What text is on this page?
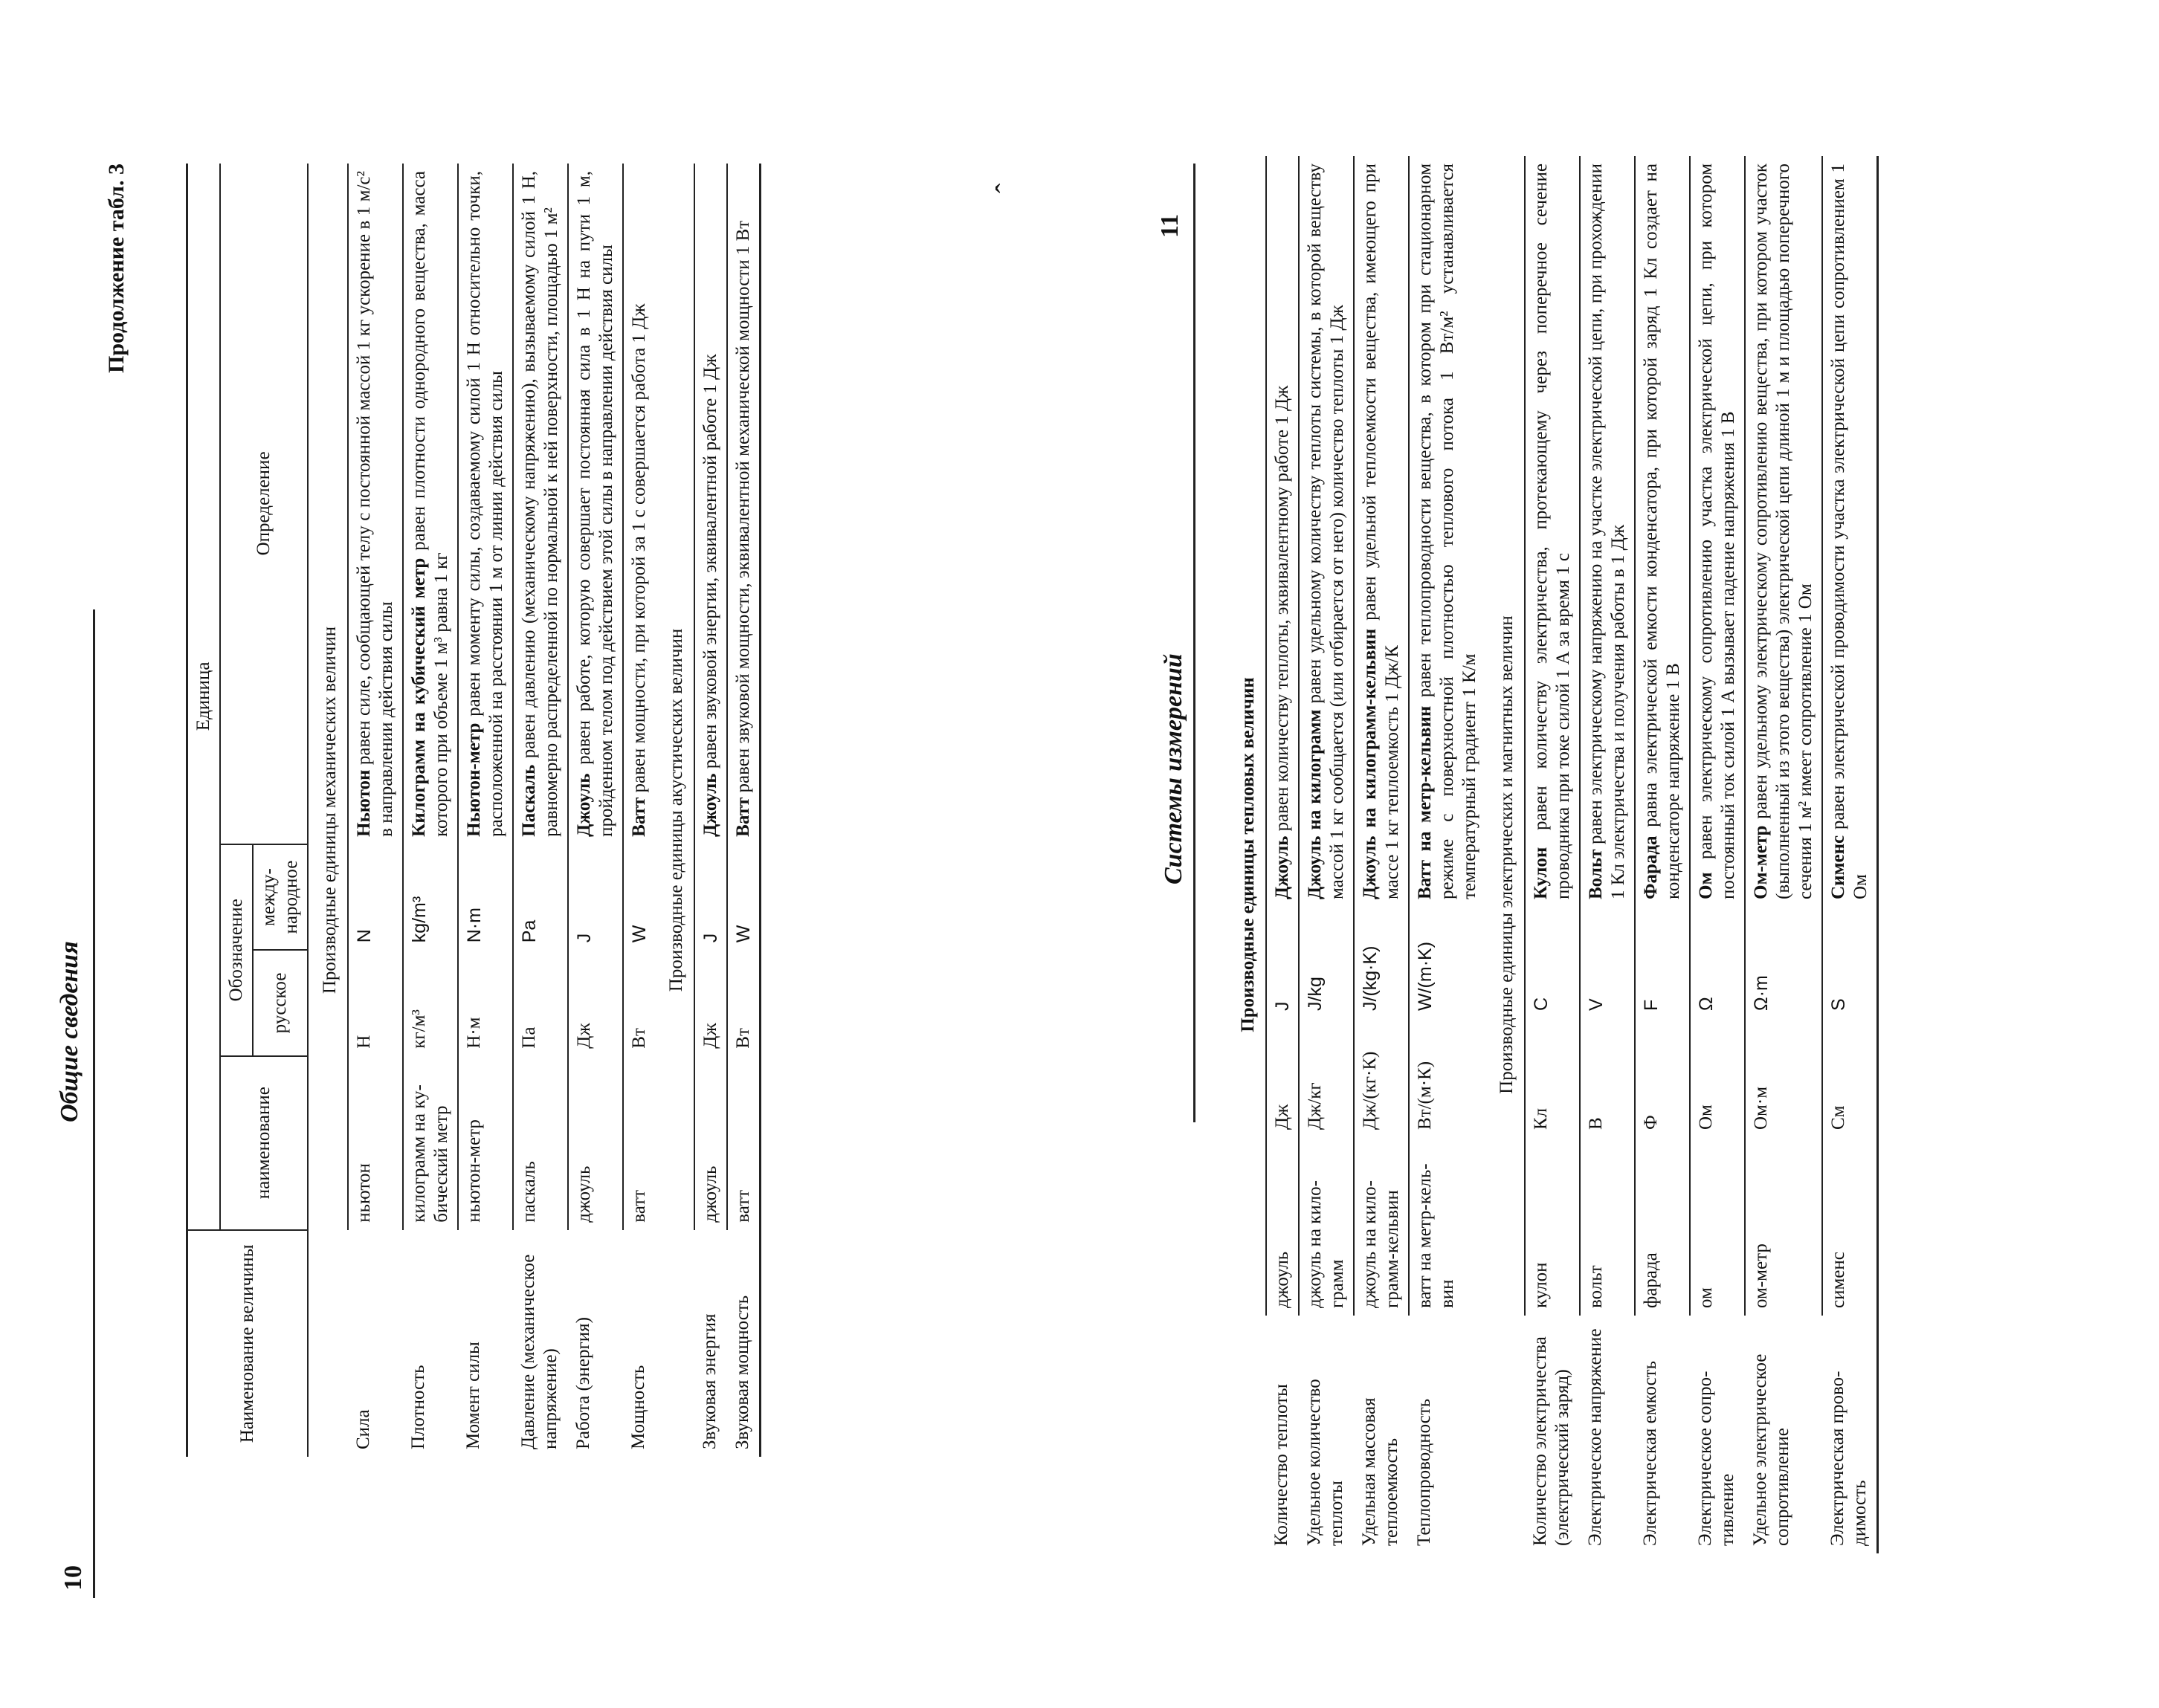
10
Общие сведения
Продолжение табл. 3
Наименование величины	Единица			
	наименование	Обозначение		Определение
		русское	международное	
Производные единицы механических величин				
Сила	ньютон	Н	N	Ньютон равен силе, сообщающей телу с постоянной массой 1 кг ускорение в 1 м/с² в направлении действия силы
Плотность	килограмм на кубический метр	кг/м³	kg/m³	Килограмм на кубический метр равен плотности однородного вещества, масса которого при объеме 1 м³ равна 1 кг
Момент силы	ньютон-метр	Н·м	N·m	Ньютон-метр равен моменту силы, создаваемому силой 1 Н относительно точки, расположенной на расстоянии 1 м от линии действия силы
Давление (механическое напряжение)	паскаль	Па	Pa	Паскаль равен давлению (механическому напряжению), вызываемому силой 1 Н, равномерно распределенной по нормальной к ней поверхности, площадью 1 м²
Работа (энергия)	джоуль	Дж	J	Джоуль равен работе, которую совершает постоянная сила в 1 Н на пути 1 м, пройденном телом под действием этой силы в направлении действия силы
Мощность	ватт	Вт	W	Ватт равен мощности, при которой за 1 с совершается работа 1 Дж
Производные единицы акустических величин				
Звуковая энергия	джоуль	Дж	J	Джоуль равен звуковой энергии, эквивалентной работе 1 Дж
Звуковая мощность	ватт	Вт	W	Ватт равен звуковой мощности, эквивалентной механической мощности 1 Вт

ˆ
Системы измерений
11
Производные единицы тепловых величин				
Количество теплоты	джоуль	Дж	J	Джоуль равен количеству теплоты, эквивалентному работе 1 Дж
Удельное количество теплоты	джоуль на килограмм	Дж/кг	J/kg	Джоуль на килограмм равен удельному количеству теплоты системы, в которой веществу массой 1 кг сообщается (или отбирается от него) количество теплоты 1 Дж
Удельная массовая теплоемкость	джоуль на килограмм-кельвин	Дж/(кг·К)	J/(kg·K)	Джоуль на килограмм-кельвин равен удельной теплоемкости вещества, имеющего при массе 1 кг теплоемкость 1 Дж/К
Теплопроводность	ватт на метр-кельвин	Вт/(м·К)	W/(m·K)	Ватт на метр-кельвин равен теплопроводности вещества, в котором при стационарном режиме с поверхностной плотностью теплового потока 1 Вт/м² устанавливается температурный градиент 1 К/м
Производные единицы электрических и магнитных величин				
Количество электричества (электрический заряд)	кулон	Кл	C	Кулон равен количеству электричества, протекающему через поперечное сечение проводника при токе силой 1 А за время 1 с
Электрическое напряжение	вольт	В	V	Вольт равен электрическому напряжению на участке электрической цепи, при прохождении 1 Кл электричества и получения работы в 1 Дж
Электрическая емкость	фарада	Ф	F	Фарада равна электрической емкости конденсатора, при которой заряд 1 Кл создает на конденсаторе напряжение 1 В
Электрическое сопротивление	ом	Ом	Ω	Ом равен электрическому сопротивлению участка электрической цепи, при котором постоянный ток силой 1 А вызывает падение напряжения 1 В
Удельное электрическое сопротивление	ом-метр	Ом·м	Ω·m	Ом-метр равен удельному электрическому сопротивлению вещества, при котором участок (выполненный из этого вещества) электрической цепи длиной 1 м и площадью поперечного сечения 1 м² имеет сопротивление 1 Ом
Электрическая проводимость	сименс	См	S	Сименс равен электрической проводимости участка электрической цепи сопротивлением 1 Ом
